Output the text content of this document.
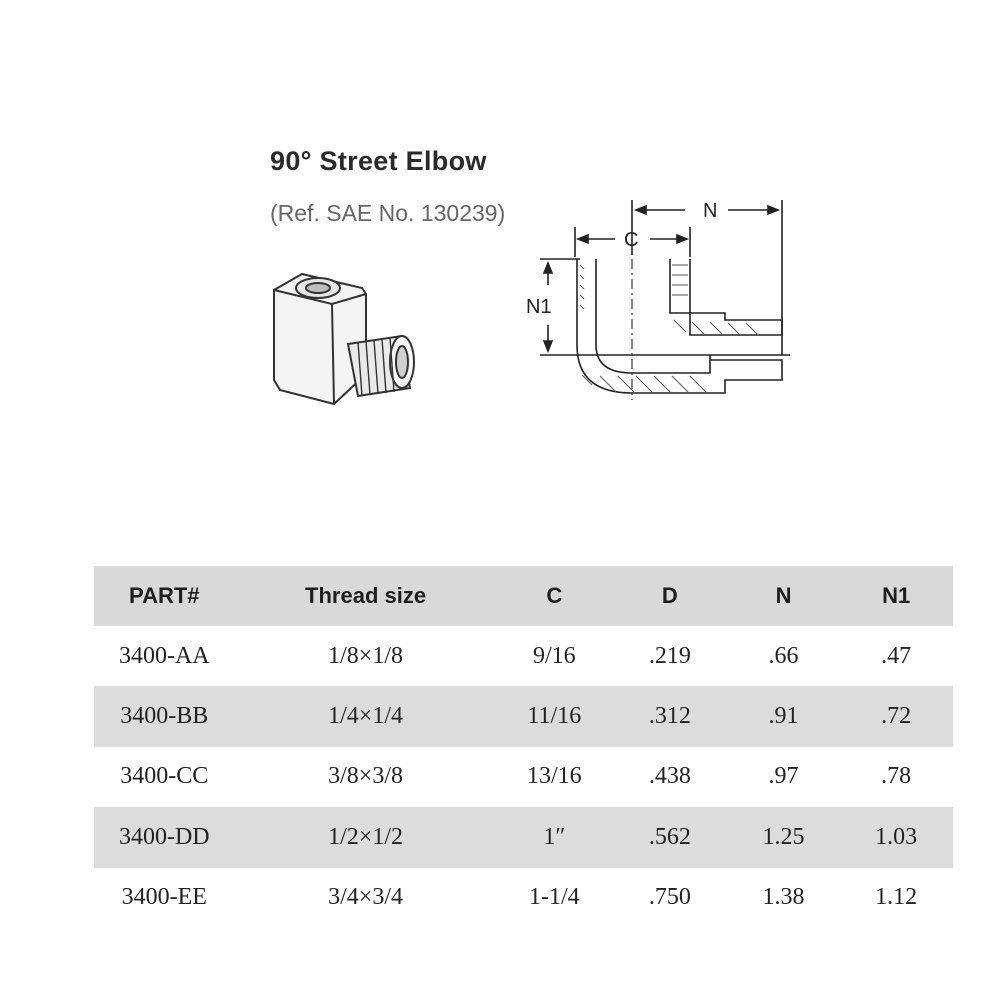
90° Street Elbow
(Ref. SAE No. 130239)	N
C
N1
PART#	Thread size	C	D	N	N1
3400-AA	1/8×1/8	9/16	.219	.66	.47
3400-BB	1/4×1/4	11/16	.312	.91	.72
3400-CC	3/8×3/8	13/16	.438	.97	.78
3400-DD	1/2×1/2	1″	.562	1.25	1.03
3400-EE	3/4×3/4	1-1/4	.750	1.38	1.12
